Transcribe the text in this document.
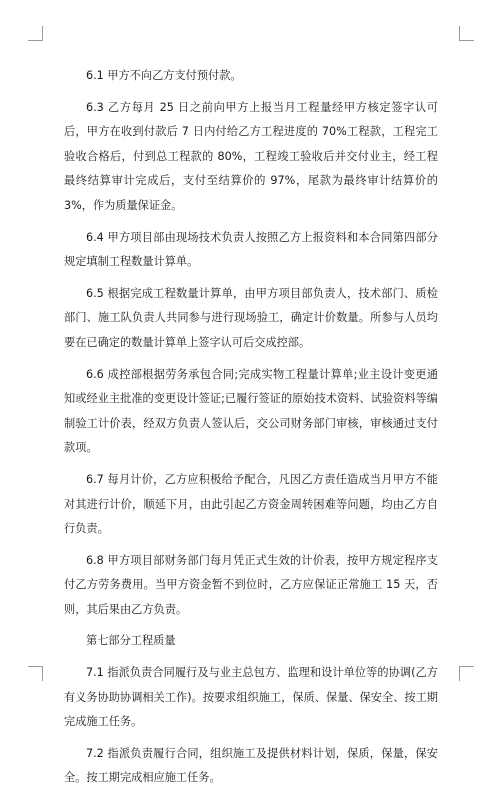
6.1 甲方不向乙方支付预付款。

6.3 乙方每月 25 日之前向甲方上报当月工程量经甲方核定签字认可后，甲方在收到付款后 7 日内付给乙方工程进度的 70%工程款，工程完工验收合格后，付到总工程款的 80%，工程竣工验收后并交付业主，经工程最终结算审计完成后，支付至结算价的 97%，尾款为最终审计结算价的 3%，作为质量保证金。

6.4 甲方项目部由现场技术负责人按照乙方上报资料和本合同第四部分规定填制工程数量计算单。

6.5 根据完成工程数量计算单，由甲方项目部负责人，技术部门、质检部门、施工队负责人共同参与进行现场验工，确定计价数量。所参与人员均要在已确定的数量计算单上签字认可后交成控部。

6.6 成控部根据劳务承包合同;完成实物工程量计算单;业主设计变更通知或经业主批准的变更设计签证;已履行签证的原始技术资料、试验资料等编制验工计价表，经双方负责人签认后，交公司财务部门审核，审核通过支付款项。

6.7 每月计价，乙方应积极给予配合，凡因乙方责任造成当月甲方不能对其进行计价，顺延下月，由此引起乙方资金周转困难等问题，均由乙方自行负责。

6.8 甲方项目部财务部门每月凭正式生效的计价表，按甲方规定程序支付乙方劳务费用。当甲方资金暂不到位时，乙方应保证正常施工 15 天，否则，其后果由乙方负责。

第七部分工程质量

7.1 指派负责合同履行及与业主总包方、监理和设计单位等的协调(乙方有义务协助协调相关工作)。按要求组织施工，保质、保量、保安全、按工期完成施工任务。

7.2 指派负责履行合同，组织施工及提供材料计划，保质，保量，保安全。按工期完成相应施工任务。
